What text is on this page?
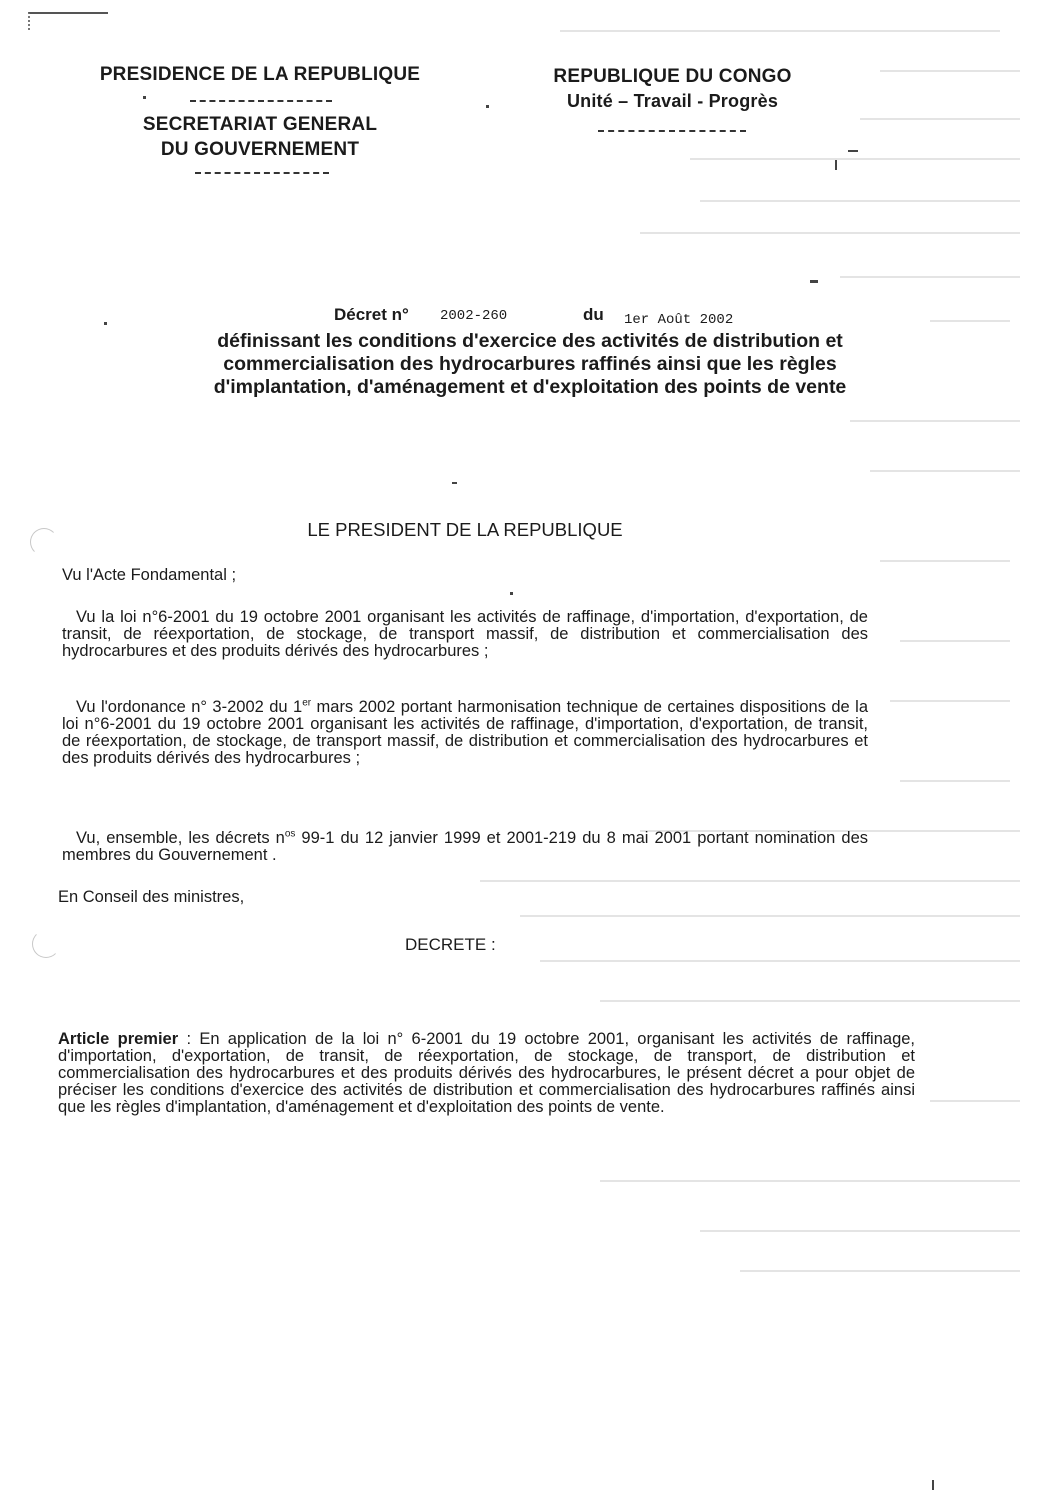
PRESIDENCE DE LA REPUBLIQUE
SECRETARIAT GENERAL
DU GOUVERNEMENT
REPUBLIQUE DU CONGO
Unité – Travail - Progrès
Décret n° 2002-260	du 1er Août 2002
définissant les conditions d'exercice des activités de distribution et
commercialisation des hydrocarbures raffinés ainsi que les règles
d'implantation, d'aménagement et d'exploitation des points de vente
LE PRESIDENT DE LA REPUBLIQUE
Vu l'Acte Fondamental ;
Vu la loi n°6-2001 du 19 octobre 2001 organisant les activités de raffinage, d'importation, d'exportation, de transit, de réexportation, de stockage, de transport massif, de distribution et commercialisation des hydrocarbures et des produits dérivés des hydrocarbures ;
Vu l'ordonance n° 3-2002 du 1er mars 2002 portant harmonisation technique de certaines dispositions de la loi n°6-2001 du 19 octobre 2001 organisant les activités de raffinage, d'importation, d'exportation, de transit, de réexportation, de stockage, de transport massif, de distribution et commercialisation des hydrocarbures et des produits dérivés des hydrocarbures ;
Vu, ensemble, les décrets $n^{os}$ 99-1 du 12 janvier 1999 et 2001-219 du 8 mai 2001 portant nomination des membres du Gouvernement .
En Conseil des ministres,
DECRETE :
Article premier : En application de la loi n° 6-2001 du 19 octobre 2001, organisant les activités de raffinage, d'importation, d'exportation, de transit, de réexportation, de stockage, de transport, de distribution et commercialisation des hydrocarbures et des produits dérivés des hydrocarbures, le présent décret a pour objet de préciser les conditions d'exercice des activités de distribution et commercialisation des hydrocarbures raffinés ainsi que les règles d'implantation, d'aménagement et d'exploitation des points de vente.
